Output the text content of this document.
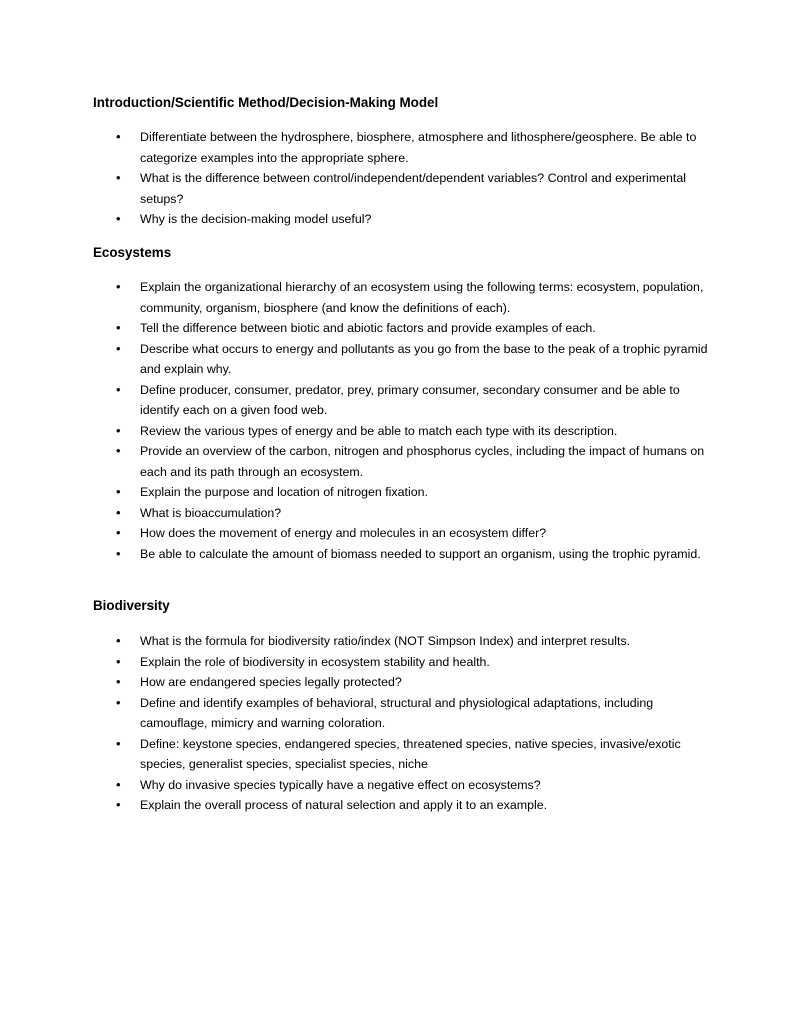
Introduction/Scientific Method/Decision-Making Model
• Differentiate between the hydrosphere, biosphere, atmosphere and lithosphere/geosphere. Be able to categorize examples into the appropriate sphere.
• What is the difference between control/independent/dependent variables? Control and experimental setups?
• Why is the decision-making model useful?
Ecosystems
• Explain the organizational hierarchy of an ecosystem using the following terms: ecosystem, population, community, organism, biosphere (and know the definitions of each).
• Tell the difference between biotic and abiotic factors and provide examples of each.
• Describe what occurs to energy and pollutants as you go from the base to the peak of a trophic pyramid and explain why.
• Define producer, consumer, predator, prey, primary consumer, secondary consumer and be able to identify each on a given food web.
• Review the various types of energy and be able to match each type with its description.
• Provide an overview of the carbon, nitrogen and phosphorus cycles, including the impact of humans on each and its path through an ecosystem.
• Explain the purpose and location of nitrogen fixation.
• What is bioaccumulation?
• How does the movement of energy and molecules in an ecosystem differ?
• Be able to calculate the amount of biomass needed to support an organism, using the trophic pyramid.
Biodiversity
• What is the formula for biodiversity ratio/index (NOT Simpson Index) and interpret results.
• Explain the role of biodiversity in ecosystem stability and health.
• How are endangered species legally protected?
• Define and identify examples of behavioral, structural and physiological adaptations, including camouflage, mimicry and warning coloration.
• Define: keystone species, endangered species, threatened species, native species, invasive/exotic species, generalist species, specialist species, niche
• Why do invasive species typically have a negative effect on ecosystems?
• Explain the overall process of natural selection and apply it to an example.
